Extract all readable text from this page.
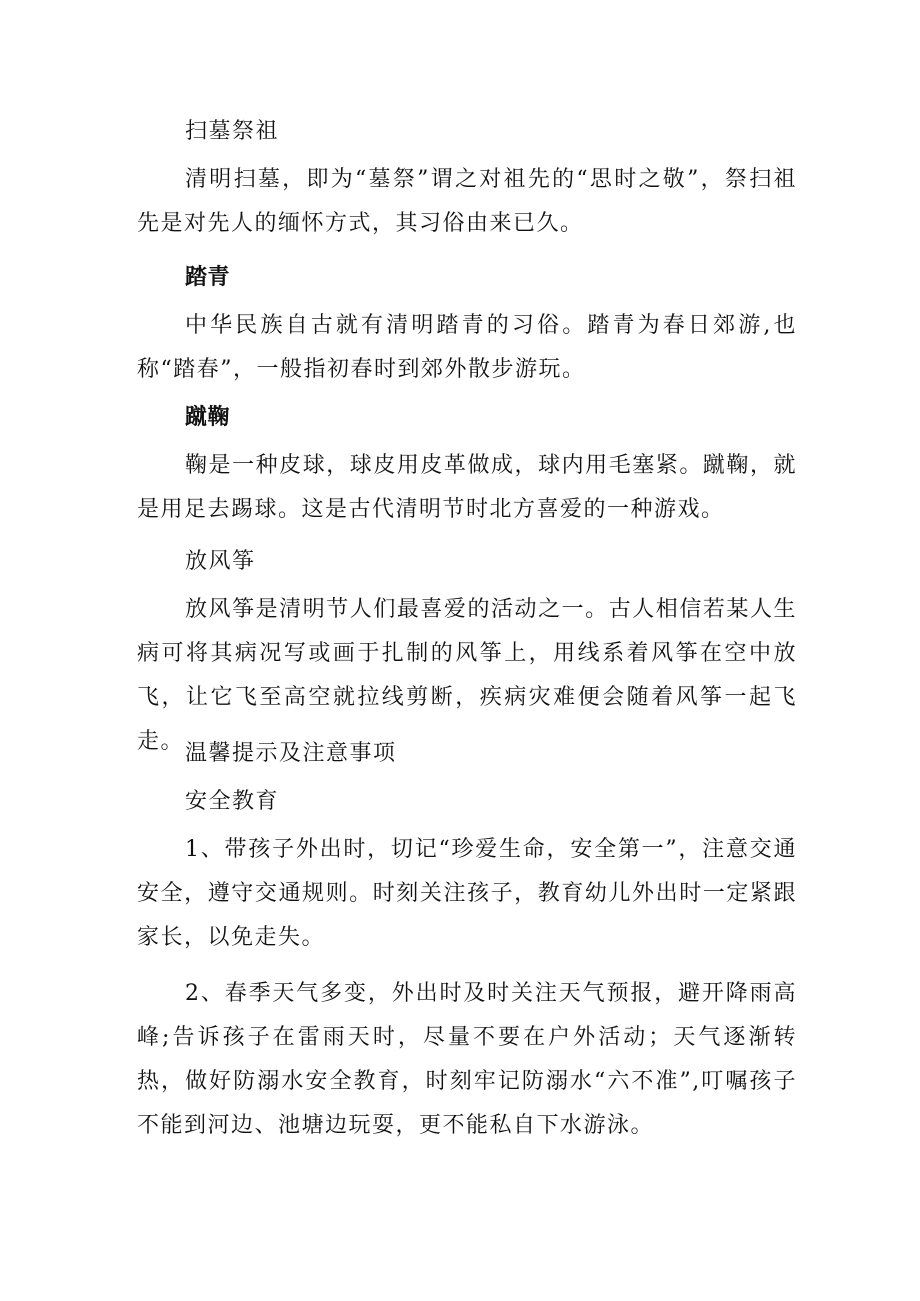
扫墓祭祖

清明扫墓，即为“墓祭”谓之对祖先的“思时之敬”，祭扫祖先是对先人的缅怀方式，其习俗由来已久。

踏青

中华民族自古就有清明踏青的习俗。踏青为春日郊游,也称“踏春”，一般指初春时到郊外散步游玩。

蹴鞠

鞠是一种皮球，球皮用皮革做成，球内用毛塞紧。蹴鞠，就是用足去踢球。这是古代清明节时北方喜爱的一种游戏。

放风筝

放风筝是清明节人们最喜爱的活动之一。古人相信若某人生病可将其病况写或画于扎制的风筝上，用线系着风筝在空中放飞，让它飞至高空就拉线剪断，疾病灾难便会随着风筝一起飞走。 温馨提示及注意事项

安全教育

1、带孩子外出时，切记“珍爱生命，安全第一”，注意交通安全，遵守交通规则。时刻关注孩子，教育幼儿外出时一定紧跟家长，以免走失。

2、春季天气多变，外出时及时关注天气预报，避开降雨高峰;告诉孩子在雷雨天时，尽量不要在户外活动；天气逐渐转热，做好防溺水安全教育，时刻牢记防溺水“六不准”,叮嘱孩子不能到河边、池塘边玩耍，更不能私自下水游泳。
